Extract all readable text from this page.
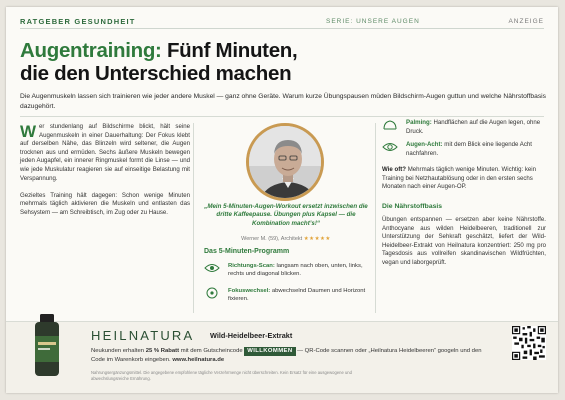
RATGEBER GESUNDHEIT	SERIE: UNSERE AUGEN	ANZEIGE
Augentraining: Fünf Minuten,
die den Unterschied machen

Die Augenmuskeln lassen sich trainieren wie jeder andere Muskel — ganz ohne Geräte. Warum kurze Übungspausen müden Bildschirm-Augen guttun und welche Nährstoffbasis dazugehört.

Wer stundenlang auf Bildschirme blickt, hält seine Augenmuskeln in einer Dauerhaltung: Der Fokus klebt auf derselben Nähe, das Blinzeln wird seltener, die Augen trocknen aus und ermüden. Sechs äußere Muskeln bewegen jeden Augapfel, ein innerer Ringmuskel formt die Linse — und wie jede Muskulatur reagieren sie auf einseitige Belastung mit Verspannung.

Gezieltes Training hält dagegen: Schon wenige Minuten mehrmals täglich aktivieren die Muskeln und entlasten das Sehsystem — am Schreibtisch, im Zug oder zu Hause.

„Mein 5-Minuten-Augen-Workout ersetzt inzwischen die dritte Kaffeepause. Übungen plus Kapsel — die Kombination macht’s!“

Werner M. (59), Architekt ★★★★★

Das 5-Minuten-Programm
Richtungs-Scan: langsam nach oben, unten, links, rechts und diagonal blicken.
Fokuswechsel: abwechselnd Daumen und Horizont fixieren.
Palming: Handflächen auf die Augen legen, ohne Druck.
Augen-Acht: mit dem Blick eine liegende Acht nachfahren.

Wie oft? Mehrmals täglich wenige Minuten. Wichtig: kein Training bei Netzhautablösung oder in den ersten sechs Monaten nach einer Augen-OP.

Die Nährstoffbasis

Übungen entspannen — ersetzen aber keine Nährstoffe. Anthocyane aus wilden Heidelbeeren, traditionell zur Unterstützung der Sehkraft geschätzt, liefert der Wild-Heidelbeer-Extrakt von Heilnatura konzentriert: 250 mg pro Tagesdosis aus vollreifen skandinavischen Wildfrüchten, vegan und laborgeprüft.

HEILNATURA Wild-Heidelbeer-Extrakt

Neukunden erhalten 25 % Rabatt mit dem Gutscheincode WILLKOMMEN — QR-Code scannen oder „Heilnatura Heidelbeeren“ googeln und den Code im Warenkorb eingeben. www.heilnatura.de

Nahrungsergänzungsmittel. Die angegebene empfohlene tägliche Verzehrmenge nicht überschreiten. Kein Ersatz für eine ausgewogene und abwechslungsreiche Ernährung.
